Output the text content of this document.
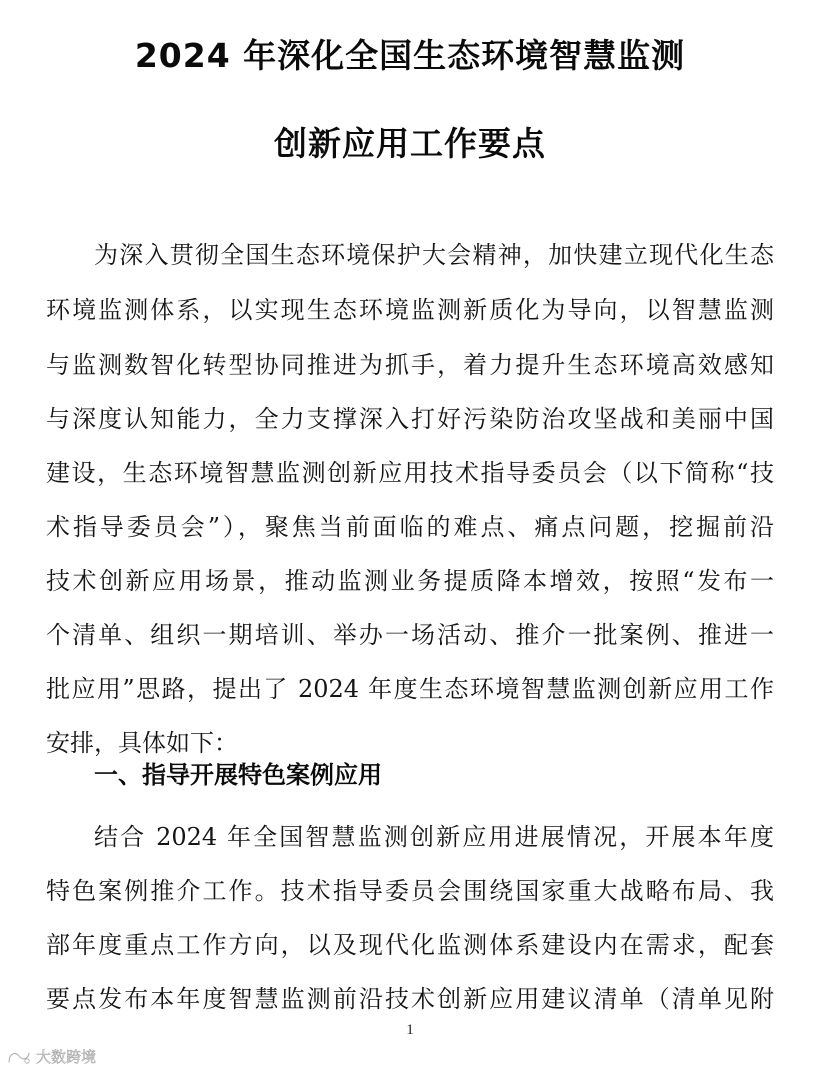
2024 年深化全国生态环境智慧监测
创新应用工作要点
为深入贯彻全国生态环境保护大会精神，加快建立现代化生态
环境监测体系，以实现生态环境监测新质化为导向，以智慧监测
与监测数智化转型协同推进为抓手，着力提升生态环境高效感知
与深度认知能力，全力支撑深入打好污染防治攻坚战和美丽中国
建设，生态环境智慧监测创新应用技术指导委员会（以下简称“技
术指导委员会”），聚焦当前面临的难点、痛点问题，挖掘前沿
技术创新应用场景，推动监测业务提质降本增效，按照“发布一
个清单、组织一期培训、举办一场活动、推介一批案例、推进一
批应用”思路，提出了 2024 年度生态环境智慧监测创新应用工作
安排，具体如下：
一、指导开展特色案例应用
结合 2024 年全国智慧监测创新应用进展情况，开展本年度
特色案例推介工作。技术指导委员会围绕国家重大战略布局、我
部年度重点工作方向，以及现代化监测体系建设内在需求，配套
要点发布本年度智慧监测前沿技术创新应用建议清单（清单见附
1
大数跨境
